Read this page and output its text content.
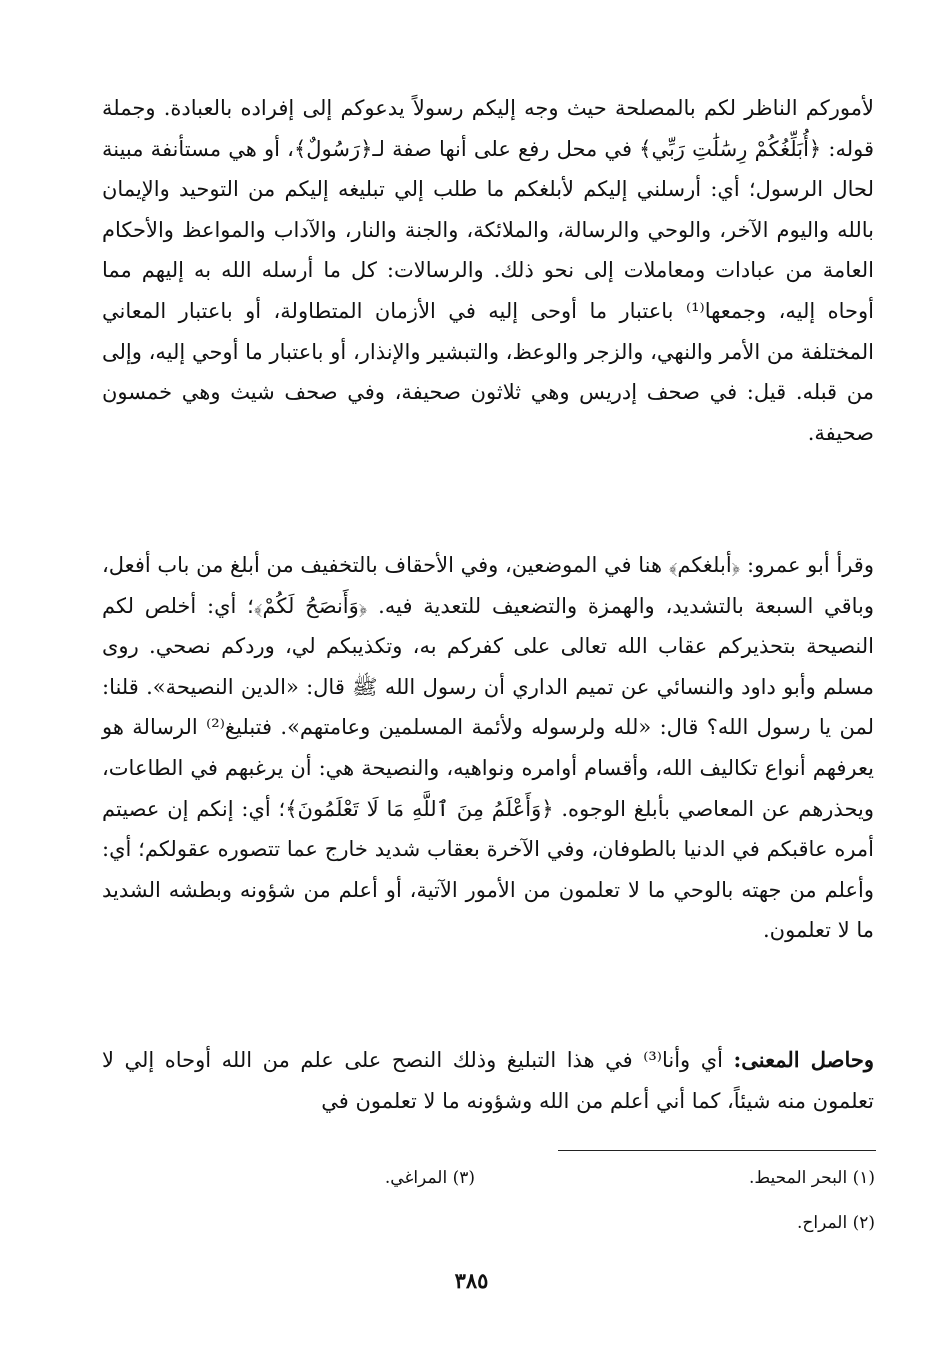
لأموركم الناظر لكم بالمصلحة حيث وجه إليكم رسولاً يدعوكم إلى إفراده بالعبادة. وجملة قوله: ﴿أُبَلِّغُكُمْ رِسَٰلَٰتِ رَبِّي﴾ في محل رفع على أنها صفة لـ﴿رَسُولٌ﴾، أو هي مستأنفة مبينة لحال الرسول؛ أي: أرسلني إليكم لأبلغكم ما طلب إلي تبليغه إليكم من التوحيد والإيمان بالله واليوم الآخر، والوحي والرسالة، والملائكة، والجنة والنار، والآداب والمواعظ والأحكام العامة من عبادات ومعاملات إلى نحو ذلك. والرسالات: كل ما أرسله الله به إليهم مما أوحاه إليه، وجمعها⁽¹⁾ باعتبار ما أوحى إليه في الأزمان المتطاولة، أو باعتبار المعاني المختلفة من الأمر والنهي، والزجر والوعظ، والتبشير والإنذار، أو باعتبار ما أوحي إليه، وإلى من قبله. قيل: في صحف إدريس وهي ثلاثون صحيفة، وفي صحف شيث وهي خمسون صحيفة.

وقرأ أبو عمرو: ﴿أبلغكم﴾ هنا في الموضعين، وفي الأحقاف بالتخفيف من أبلغ من باب أفعل، وباقي السبعة بالتشديد، والهمزة والتضعيف للتعدية فيه. ﴿وَأَنصَحُ لَكُمْ﴾؛ أي: أخلص لكم النصيحة بتحذيركم عقاب الله تعالى على كفركم به، وتكذيبكم لي، وردكم نصحي. روى مسلم وأبو داود والنسائي عن تميم الداري أن رسول الله ﷺ قال: «الدين النصيحة». قلنا: لمن يا رسول الله؟ قال: «لله ولرسوله ولأئمة المسلمين وعامتهم». فتبليغ⁽²⁾ الرسالة هو يعرفهم أنواع تكاليف الله، وأقسام أوامره ونواهيه، والنصيحة هي: أن يرغبهم في الطاعات، ويحذرهم عن المعاصي بأبلغ الوجوه. ﴿وَأَعْلَمُ مِنَ ٱللَّهِ مَا لَا تَعْلَمُونَ﴾؛ أي: إنكم إن عصيتم أمره عاقبكم في الدنيا بالطوفان، وفي الآخرة بعقاب شديد خارج عما تتصوره عقولكم؛ أي: وأعلم من جهته بالوحي ما لا تعلمون من الأمور الآتية، أو أعلم من شؤونه وبطشه الشديد ما لا تعلمون.

وحاصل المعنى: أي وأنا⁽³⁾ في هذا التبليغ وذلك النصح على علم من الله أوحاه إلي لا تعلمون منه شيئاً، كما أني أعلم من الله وشؤونه ما لا تعلمون في

(١) البحر المحيط.
(٣) المراغي.
(٢) المراح.
٣٨٥
